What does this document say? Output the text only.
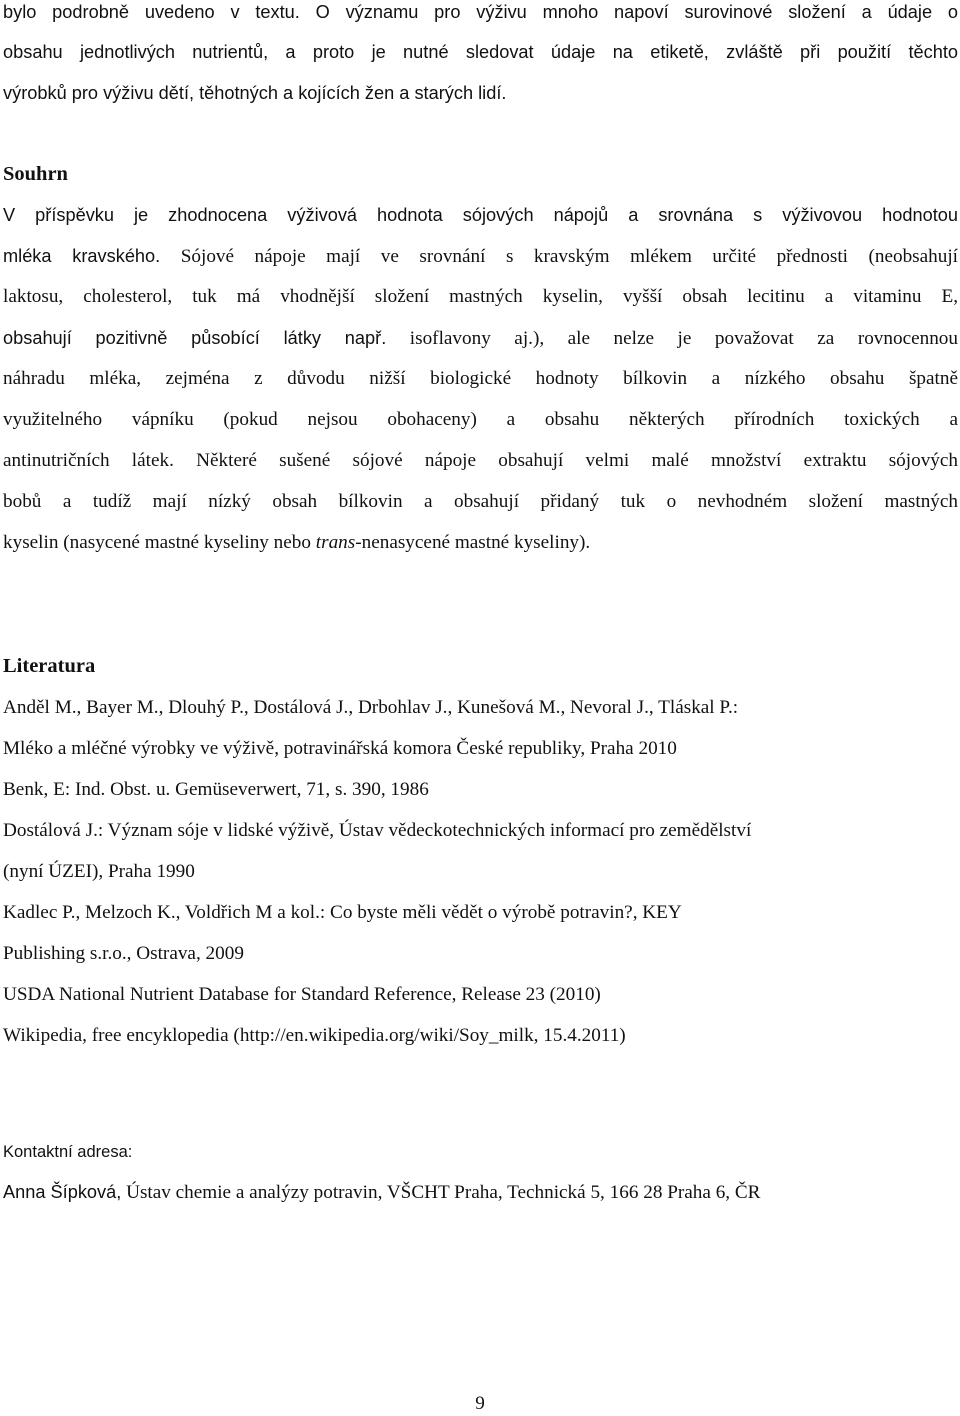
bylo podrobně uvedeno v textu. O významu pro výživu mnoho napoví surovinové složení a údaje o
obsahu jednotlivých nutrientů, a proto je nutné sledovat údaje na etiketě, zvláště při použití těchto
výrobků pro výživu dětí, těhotných a kojících žen a starých lidí.
Souhrn
V příspěvku je zhodnocena výživová hodnota sójových nápojů a srovnána s výživovou hodnotou
mléka kravského. Sójové nápoje mají ve srovnání s kravským mlékem určité přednosti (neobsahují
laktosu, cholesterol, tuk má vhodnější složení mastných kyselin, vyšší obsah lecitinu a vitaminu E,
obsahují pozitivně působící látky např. isoflavony aj.), ale nelze je považovat za rovnocennou
náhradu mléka, zejména z důvodu nižší biologické hodnoty bílkovin a nízkého obsahu špatně
využitelného vápníku (pokud nejsou obohaceny) a obsahu některých přírodních toxických a
antinutričních látek. Některé sušené sójové nápoje obsahují velmi malé množství extraktu sójových
bobů a tudíž mají nízký obsah bílkovin a obsahují přidaný tuk o nevhodném složení mastných
kyselin (nasycené mastné kyseliny nebo trans-nenasycené mastné kyseliny).
Literatura
Anděl M., Bayer M., Dlouhý P., Dostálová J., Drbohlav J., Kunešová M., Nevoral J., Tláskal P.:
Mléko a mléčné výrobky ve výživě, potravinářská komora České republiky, Praha 2010
Benk, E: Ind. Obst. u. Gemüseverwert, 71, s. 390, 1986
Dostálová J.: Význam sóje v lidské výživě, Ústav vědeckotechnických informací pro zemědělství
(nyní ÚZEI), Praha 1990
Kadlec P., Melzoch K., Voldřich M a kol.: Co byste měli vědět o výrobě potravin?, KEY
Publishing s.r.o., Ostrava, 2009
USDA National Nutrient Database for Standard Reference, Release 23 (2010)
Wikipedia, free encyklopedia (http://en.wikipedia.org/wiki/Soy_milk, 15.4.2011)
Kontaktní adresa:
Anna Šípková, Ústav chemie a analýzy potravin, VŠCHT Praha, Technická 5, 166 28 Praha 6, ČR
9
